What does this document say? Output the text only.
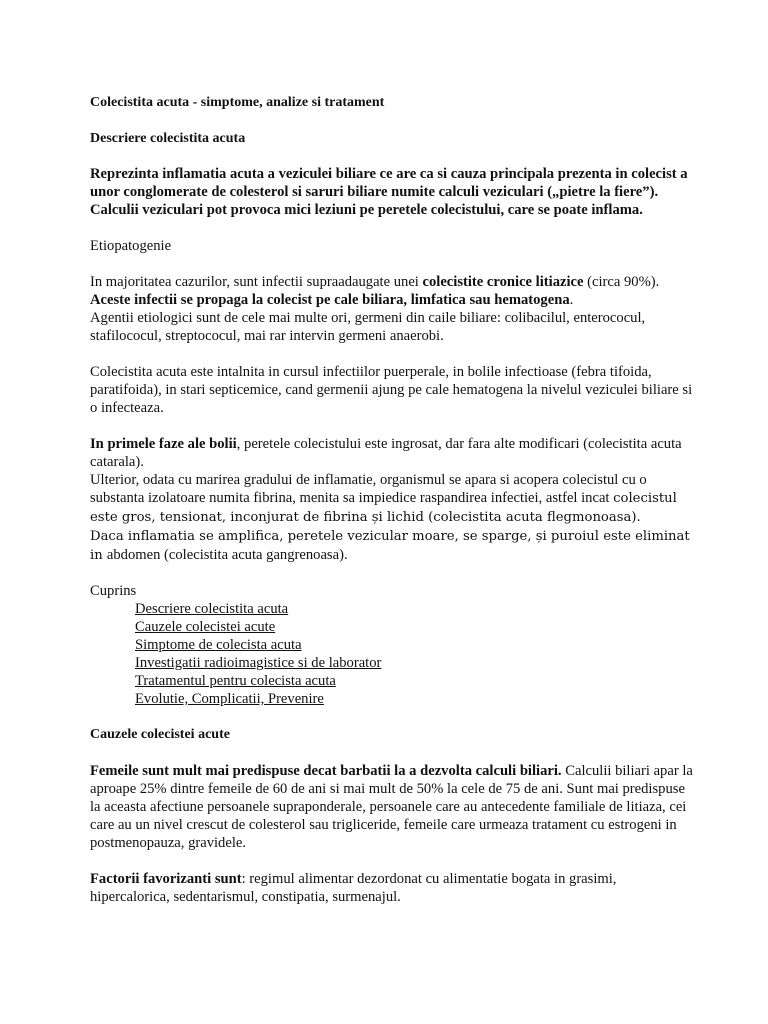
Colecistita acuta - simptome, analize si tratament

Descriere colecistita acuta

Reprezinta inflamatia acuta a veziculei biliare ce are ca si cauza principala prezenta in colecist a unor conglomerate de colesterol si saruri biliare numite calculi veziculari („pietre la fiere”). Calculii veziculari pot provoca mici leziuni pe peretele colecistului, care se poate inflama.

Etiopatogenie

In majoritatea cazurilor, sunt infectii supraadaugate unei colecistite cronice litiazice (circa 90%). Aceste infectii se propaga la colecist pe cale biliara, limfatica sau hematogena.

Agentii etiologici sunt de cele mai multe ori, germeni din caile biliare: colibacilul, enterococul, stafilococul, streptococul, mai rar intervin germeni anaerobi.

Colecistita acuta este intalnita in cursul infectiilor puerperale, in bolile infectioase (febra tifoida, paratifoida), in stari septicemice, cand germenii ajung pe cale hematogena la nivelul veziculei biliare si o infecteaza.

In primele faze ale bolii, peretele colecistului este ingrosat, dar fara alte modificari (colecistita acuta catarala).

Ulterior, odata cu marirea gradului de inflamatie, organismul se apara si acopera colecistul cu o substanta izolatoare numita fibrina, menita sa impiedice raspandirea infectiei, astfel incat colecistul este gros, tensionat, inconjurat de fibrina și lichid (colecistita acuta flegmonoasa).

Daca inflamatia se amplifica, peretele vezicular moare, se sparge, și puroiul este eliminat in abdomen (colecistita acuta gangrenoasa).

Cuprins

Descriere colecistita acuta
Cauzele colecistei acute
Simptome de colecista acuta
Investigatii radioimagistice si de laborator
Tratamentul pentru colecista acuta
Evolutie, Complicatii, Prevenire

Cauzele colecistei acute

Femeile sunt mult mai predispuse decat barbatii la a dezvolta calculi biliari. Calculii biliari apar la aproape 25% dintre femeile de 60 de ani si mai mult de 50% la cele de 75 de ani. Sunt mai predispuse la aceasta afectiune persoanele supraponderale, persoanele care au antecedente familiale de litiaza, cei care au un nivel crescut de colesterol sau trigliceride, femeile care urmeaza tratament cu estrogeni in postmenopauza, gravidele.

Factorii favorizanti sunt: regimul alimentar dezordonat cu alimentatie bogata in grasimi, hipercalorica, sedentarismul, constipatia, surmenajul.
